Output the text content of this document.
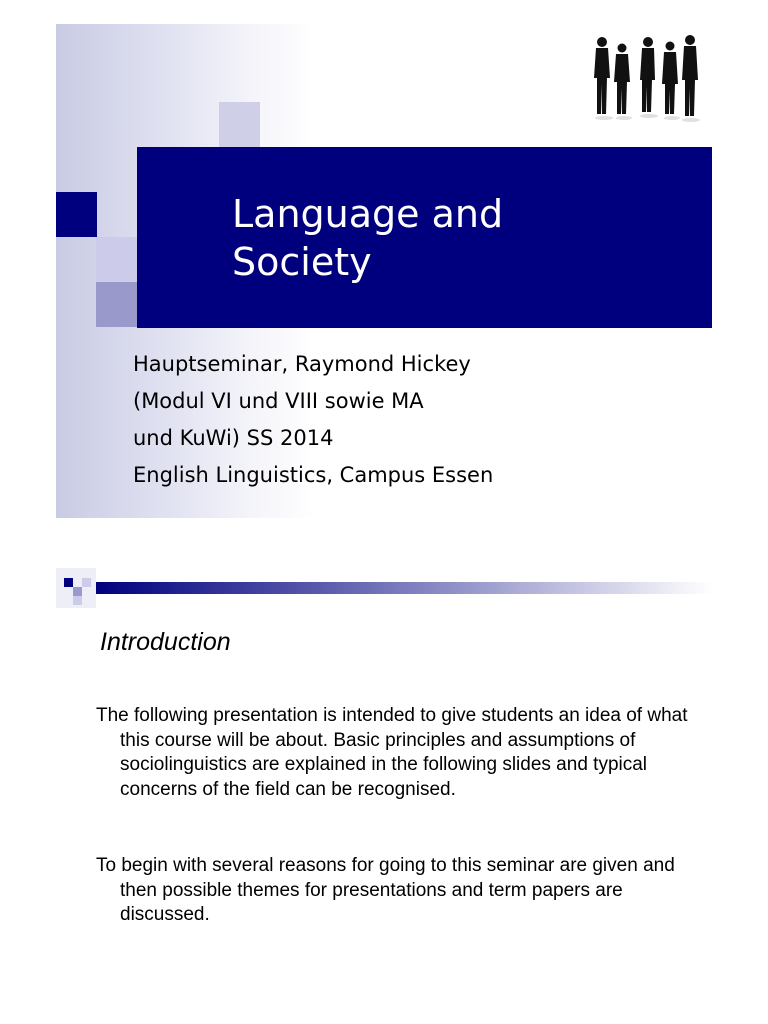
Language and
Society
Hauptseminar, Raymond Hickey
(Modul VI und VIII sowie MA
und KuWi) SS 2014
English Linguistics, Campus Essen
Introduction

The following presentation is intended to give students an idea of what this course will be about. Basic principles and assumptions of sociolinguistics are explained in the following slides and typical concerns of the field can be recognised.

To begin with several reasons for going to this seminar are given and then possible themes for presentations and term papers are discussed.
